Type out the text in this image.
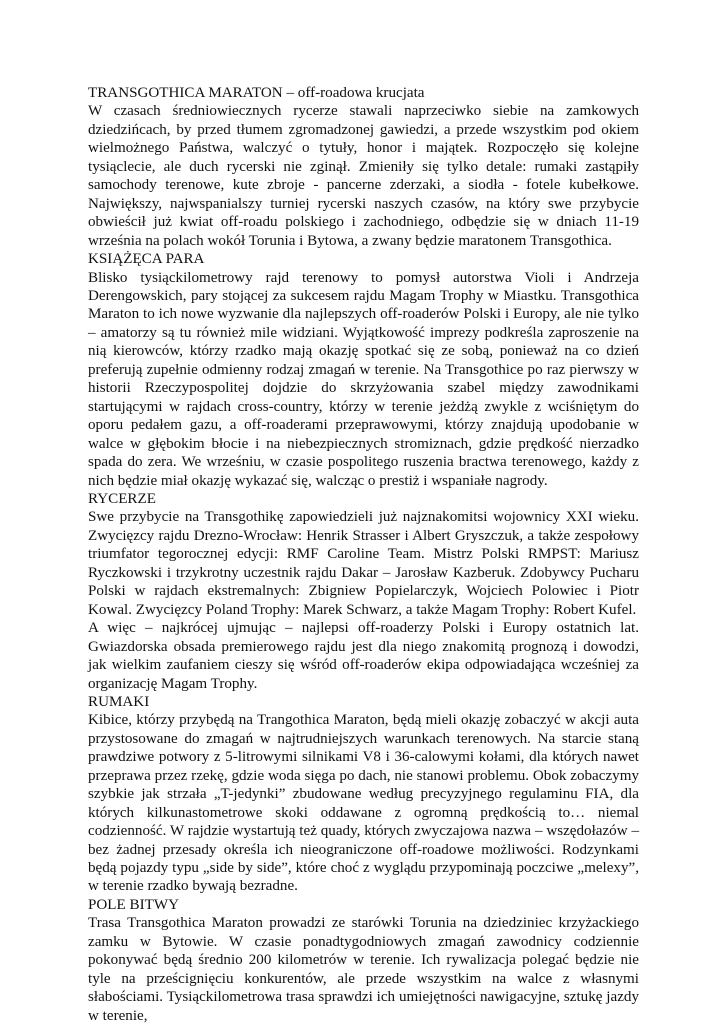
TRANSGOTHICA MARATON – off-roadowa krucjata

W czasach średniowiecznych rycerze stawali naprzeciwko siebie na zamkowych dziedzińcach, by przed tłumem zgromadzonej gawiedzi, a przede wszystkim pod okiem wielmożnego Państwa, walczyć o tytuły, honor i majątek. Rozpoczęło się kolejne tysiąclecie, ale duch rycerski nie zginął. Zmieniły się tylko detale: rumaki zastąpiły samochody terenowe, kute zbroje - pancerne zderzaki, a siodła - fotele kubełkowe. Największy, najwspanialszy turniej rycerski naszych czasów, na który swe przybycie obwieścił już kwiat off-roadu polskiego i zachodniego, odbędzie się w dniach 11-19 września na polach wokół Torunia i Bytowa, a zwany będzie maratonem Transgothica.

KSIĄŻĘCA PARA

Blisko tysiąckilometrowy rajd terenowy to pomysł autorstwa Violi i Andrzeja Derengowskich, pary stojącej za sukcesem rajdu Magam Trophy w Miastku. Transgothica Maraton to ich nowe wyzwanie dla najlepszych off-roaderów Polski i Europy, ale nie tylko – amatorzy są tu również mile widziani. Wyjątkowość imprezy podkreśla zaproszenie na nią kierowców, którzy rzadko mają okazję spotkać się ze sobą, ponieważ na co dzień preferują zupełnie odmienny rodzaj zmagań w terenie. Na Transgothice po raz pierwszy w historii Rzeczypospolitej dojdzie do skrzyżowania szabel między zawodnikami startującymi w rajdach cross-country, którzy w terenie jeżdżą zwykle z wciśniętym do oporu pedałem gazu, a off-roaderami przeprawowymi, którzy znajdują upodobanie w walce w głębokim błocie i na niebezpiecznych stromiznach, gdzie prędkość nierzadko spada do zera. We wrześniu, w czasie pospolitego ruszenia bractwa terenowego, każdy z nich będzie miał okazję wykazać się, walcząc o prestiż i wspaniałe nagrody.

RYCERZE

Swe przybycie na Transgothikę zapowiedzieli już najznakomitsi wojownicy XXI wieku. Zwycięzcy rajdu Drezno-Wrocław: Henrik Strasser i Albert Gryszczuk, a także zespołowy triumfator tegorocznej edycji: RMF Caroline Team. Mistrz Polski RMPST: Mariusz Ryczkowski i trzykrotny uczestnik rajdu Dakar – Jarosław Kazberuk. Zdobywcy Pucharu Polski w rajdach ekstremalnych: Zbigniew Popielarczyk, Wojciech Polowiec i Piotr Kowal. Zwycięzcy Poland Trophy: Marek Schwarz, a także Magam Trophy: Robert Kufel.

A więc – najkrócej ujmując – najlepsi off-roaderzy Polski i Europy ostatnich lat. Gwiazdorska obsada premierowego rajdu jest dla niego znakomitą prognozą i dowodzi, jak wielkim zaufaniem cieszy się wśród off-roaderów ekipa odpowiadająca wcześniej za organizację Magam Trophy.

RUMAKI

Kibice, którzy przybędą na Trangothica Maraton, będą mieli okazję zobaczyć w akcji auta przystosowane do zmagań w najtrudniejszych warunkach terenowych. Na starcie staną prawdziwe potwory z 5-litrowymi silnikami V8 i 36-calowymi kołami, dla których nawet przeprawa przez rzekę, gdzie woda sięga po dach, nie stanowi problemu. Obok zobaczymy szybkie jak strzała „T-jedynki” zbudowane według precyzyjnego regulaminu FIA, dla których kilkunastometrowe skoki oddawane z ogromną prędkością to… niemal codzienność. W rajdzie wystartują też quady, których zwyczajowa nazwa – wszędołazów – bez żadnej przesady określa ich nieograniczone off-roadowe możliwości. Rodzynkami będą pojazdy typu „side by side”, które choć z wyglądu przypominają poczciwe „melexy”, w terenie rzadko bywają bezradne.

POLE BITWY

Trasa Transgothica Maraton prowadzi ze starówki Torunia na dziedziniec krzyżackiego zamku w Bytowie. W czasie ponadtygodniowych zmagań zawodnicy codziennie pokonywać będą średnio 200 kilometrów w terenie. Ich rywalizacja polegać będzie nie tyle na prześcignięciu konkurentów, ale przede wszystkim na walce z własnymi słabościami. Tysiąckilometrowa trasa sprawdzi ich umiejętności nawigacyjne, sztukę jazdy w terenie,
